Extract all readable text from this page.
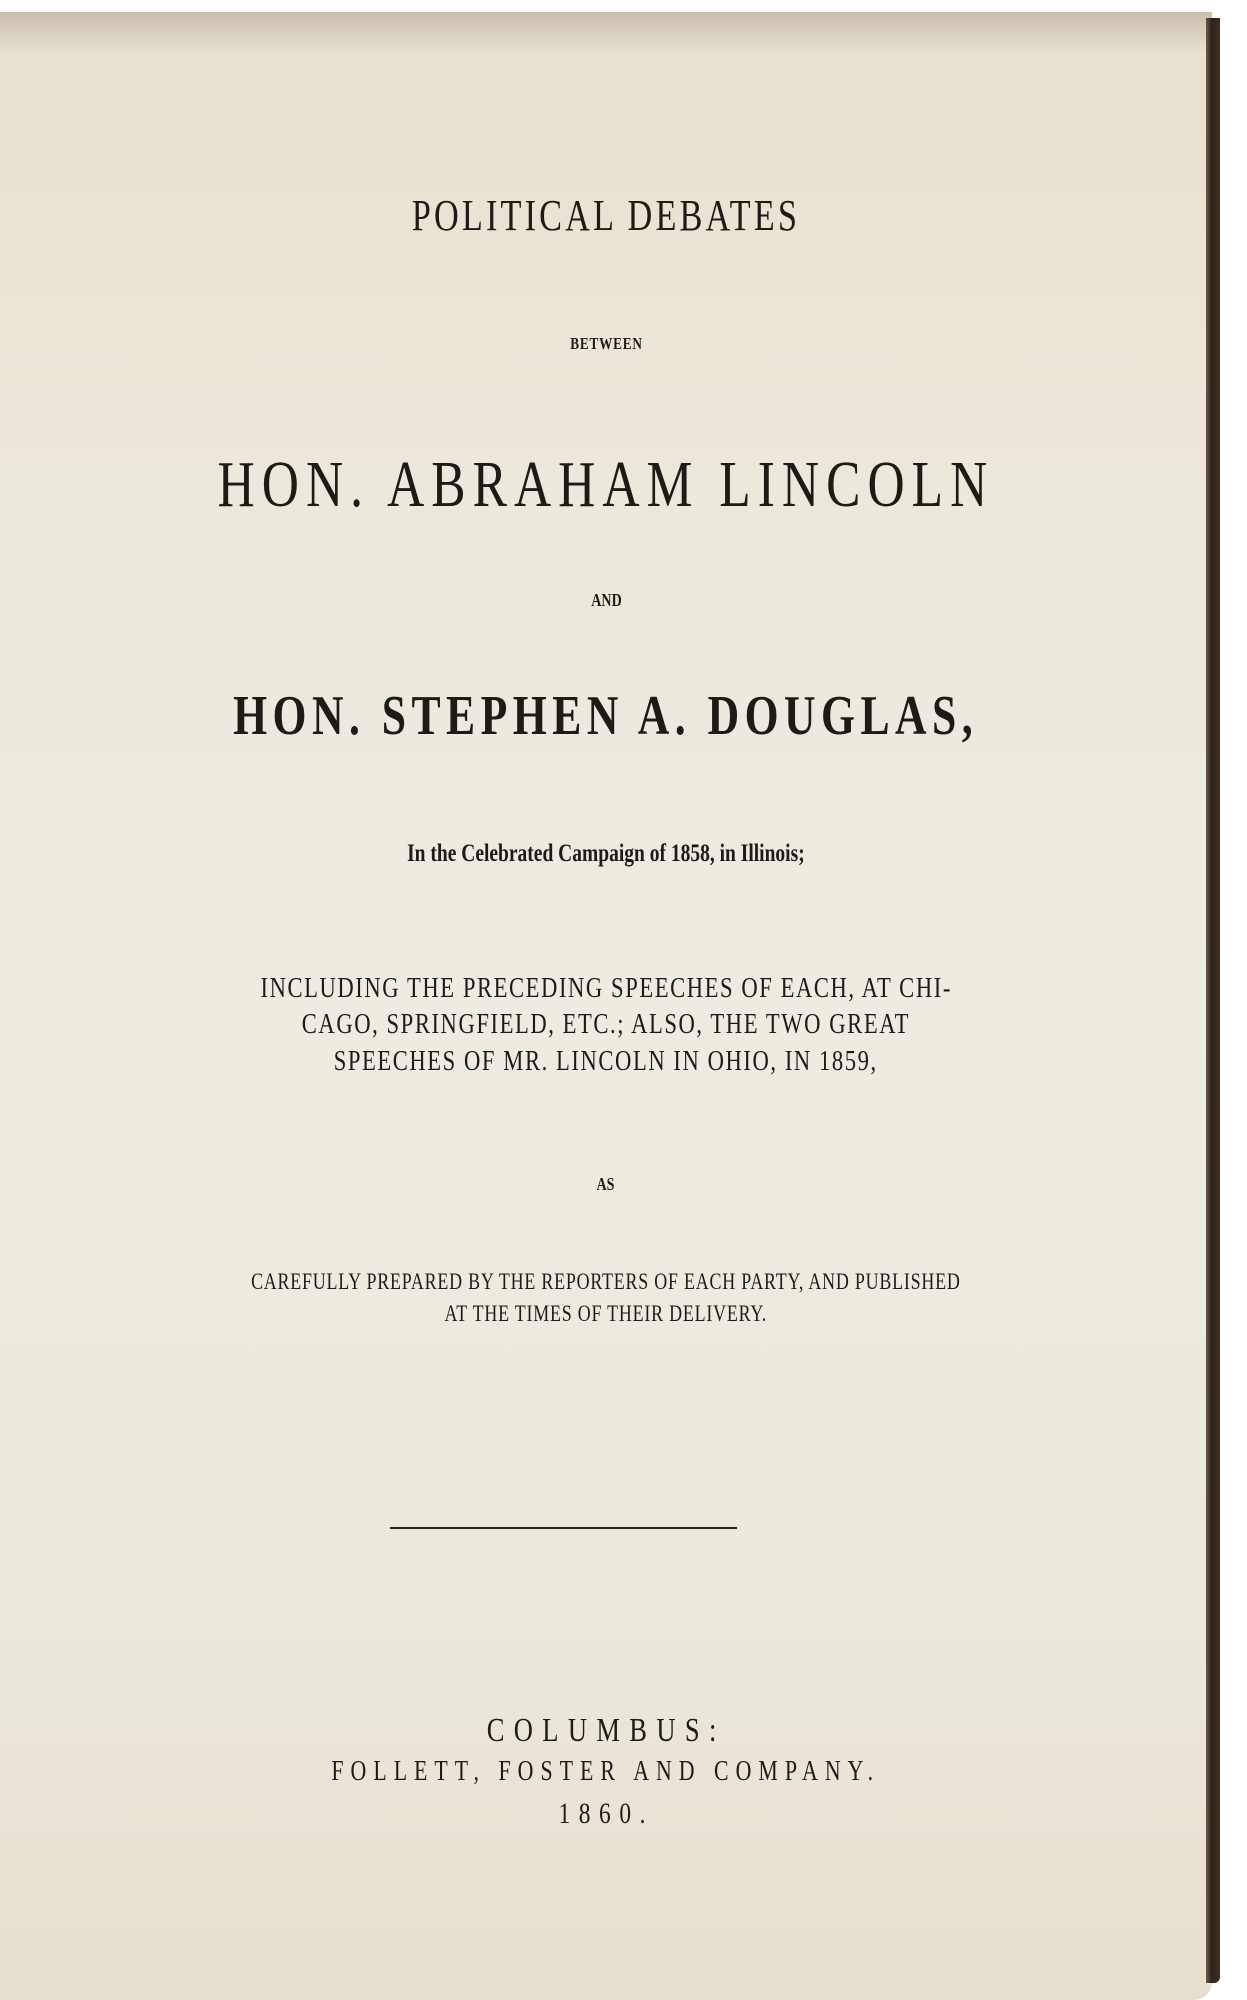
POLITICAL DEBATES
BETWEEN
HON. ABRAHAM LINCOLN
AND
HON. STEPHEN A. DOUGLAS,
In the Celebrated Campaign of 1858, in Illinois;
INCLUDING THE PRECEDING SPEECHES OF EACH, AT CHI-
CAGO, SPRINGFIELD, ETC.; ALSO, THE TWO GREAT
SPEECHES OF MR. LINCOLN IN OHIO, IN 1859,
AS
CAREFULLY PREPARED BY THE REPORTERS OF EACH PARTY, AND PUBLISHED
AT THE TIMES OF THEIR DELIVERY.
COLUMBUS:
FOLLETT, FOSTER AND COMPANY.
1860.
